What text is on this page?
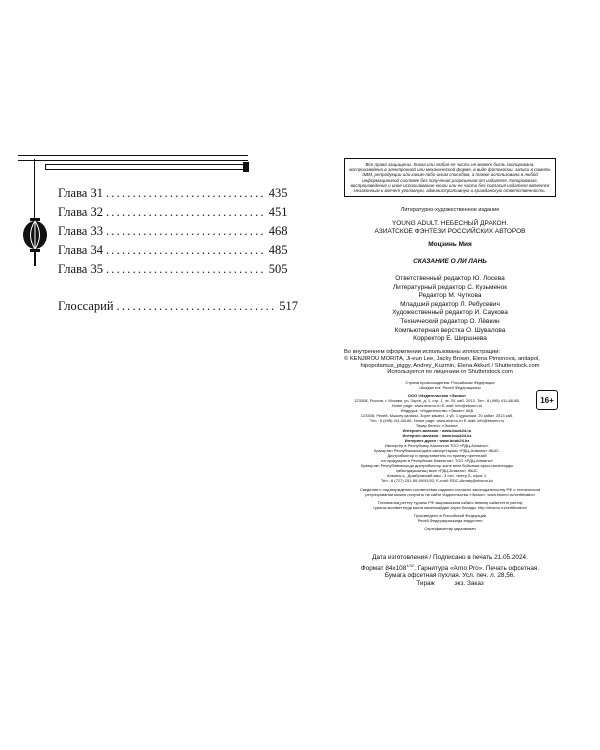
Глава 31 .............................. 435
Глава 32 .............................. 451
Глава 33 .............................. 468
Глава 34 .............................. 485
Глава 35 .............................. 505
Глоссарий .............................. 517
Все права защищены. Книга или любая ее часть не может быть скопирована, воспроизведена в электронной или механической форме, в виде фотокопии, записи в память ЭВМ, репродукции или каким-либо иным способом, а также использована в любой информационной системе без получения разрешения от издателя. Копирование, воспроизведение и иное использование книги или ее части без согласия издателя является незаконным и влечет уголовную, административную и гражданскую ответственность.
Литературно-художественное издание
YOUNG ADULT. НЕБЕСНЫЙ ДРАКОН.
АЗИАТСКОЕ ФЭНТЕЗИ РОССИЙСКИХ АВТОРОВ
Моцзинь Мия
СКАЗАНИЕ О ЛИ ЛАНЬ
Ответственный редактор Ю. Лосева
Литературный редактор С. Кузьменок
Редактор М. Чуткова
Младший редактор Л. Ребусевич
Художественный редактор И. Саукова
Технический редактор О. Лёвкин
Компьютерная верстка О. Шувалова
Корректор Е. Ширшнева
Во внутреннем оформлении использованы иллюстрации:
© KENJIROU MORITA, Ji-eun Lee, Jacky Brown, Elena Pimonova, anitapol,
hipopotamus_piggy, Andrey_Kuzmin, Elena Akkurt / Shutterstock.com
Используется по лицензии от Shutterstock.com
Страна происхождения: Российская Федерация
Шыққан елі: Ресей Федерациясы
ООО «Издательство «Эксмо»
123308, Россия, г. Москва, ул. Зорге, д. 1, стр. 1, эт. 20, каб. 2013. Тел.: 8 (495) 411-68-86.
Home page: www.eksmo.ru E-mail: info@eksmo.ru
Өндіруші: «Издательство «Эксмо» АҚБ
123308, Ресей, Мәскеу қаласы, Зорге көшесі, 1 үй, 1 құрылым, 20 қабат, 2013 каб.
Тел.: 8 (495) 411-68-86. Home page: www.eksmo.ru E-mail: info@eksmo.ru
Тауар белгісі: «Эксмо»
Интернет-магазин : www.book24.ru
Интернет-магазин : www.book24.kz
Интернет-дүкен : www.book24.kz
Импортёр в Республику Казахстан ТОО «РДЦ-Алматы».
Қазақстан Республикасындағы импорттаушы «РДЦ-Алматы» ЖШС.
Дистрибьютор и представитель по приему претензий
на продукцию в Республике Казахстан: ТОО «РДЦ-Алматы»
Қазақстан Республикасында дистрибьютор және өнім бойынша арыз-талаптарды
қабылдаушының өкілі «РДЦ-Алматы» ЖШС
Алматы қ., Домбровский көш., 3 «а», литер Б, офис 1.
Тел.: 8 (727) 251-59-90/91/92; E-mail: RDC-Almaty@eksmo.kz
16+
Сведения о подтверждении соответствия издания согласно законодательству РФ о техническом
регулировании можно получить на сайте Издательства «Эксмо»: www.eksmo.ru/certification
Техникалық реттеу туралы РФ заңнамасына сәйкес өнімнің сәйкестігін растау
туралы мәліметтерді мына мекенжайдан алуға болады: http://eksmo.ru/certification/
Произведено в Российской Федерации
Ресей Федерациясында өндірілген
Сертификаттау қаралмаған
Дата изготовления / Подписано в печать 21.05.2024.
Формат $84x108^{1/32}$. Гарнитура «Arno Pro». Печать офсетная.
Бумага офсетная пухлая. Усл. печ. л. 28,56.
Тираж           экз. Заказ
